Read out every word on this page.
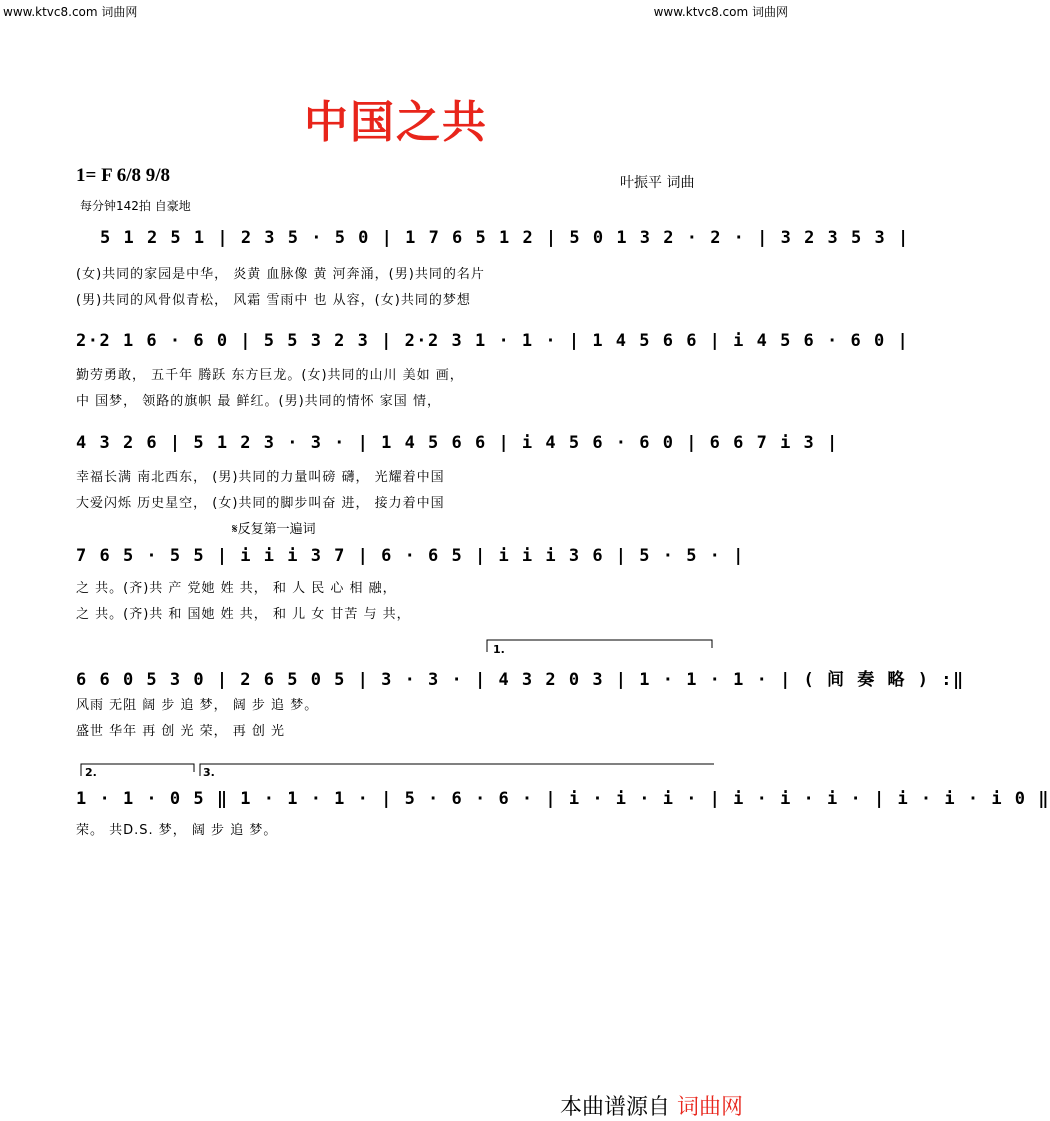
www.ktvc8.com 词曲网	www.ktvc8.com 词曲网
中国之共
1= F 6/8 9/8	叶振平 词曲
每分钟142拍 自豪地
5 1 2 5 1 | 2 3 5 · 5 0 | 1 7 6 5 1 2 | 5 0 1 3 2 · 2 · | 3 2 3 5 3 |
(女)共同的家园是中华， 炎黄 血脉像 黄 河奔涌，(男)共同的名片
(男)共同的风骨似青松， 风霜 雪雨中 也 从容，(女)共同的梦想
2·2 1 6 · 6 0 | 5 5 3 2 3 | 2·2 3 1 · 1 · | 1 4 5 6 6 | i 4 5 6 · 6 0 |
勤劳勇敢， 五千年 腾跃 东方巨龙。(女)共同的山川 美如 画，
中 国梦， 领路的旗帜 最 鲜红。(男)共同的情怀 家国 情，
4 3 2 6 | 5 1 2 3 · 3 · | 1 4 5 6 6 | i 4 5 6 · 6 0 | 6 6 7 i 3 |
幸福长满 南北西东， (男)共同的力量叫磅 礴， 光耀着中国
大爱闪烁 历史星空， (女)共同的脚步叫奋 进， 接力着中国
𝄋反复第一遍词
7 6 5 · 5 5 | i i i 3 7 | 6 · 6 5 | i i i 3 6 | 5 · 5 · |
之 共。(齐)共 产 党她 姓 共， 和 人 民 心 相 融，
之 共。(齐)共 和 国她 姓 共， 和 儿 女 甘苦 与 共，
1.
6 6 0 5 3 0 | 2 6 5 0 5 | 3 · 3 · | 4 3 2 0 3 | 1 · 1 · 1 · | ( 间 奏 略 ) :‖
风雨 无阻 阔 步 追 梦， 阔 步 追 梦。
盛世 华年 再 创 光 荣， 再 创 光
2.	3.
1 · 1 · 0 5 ‖ 1 · 1 · 1 · | 5 · 6 · 6 · | i · i · i · | i · i · i · | i · i · i 0 ‖
荣。 共D.S. 梦， 阔 步 追 梦。
本曲谱源自 词曲网
